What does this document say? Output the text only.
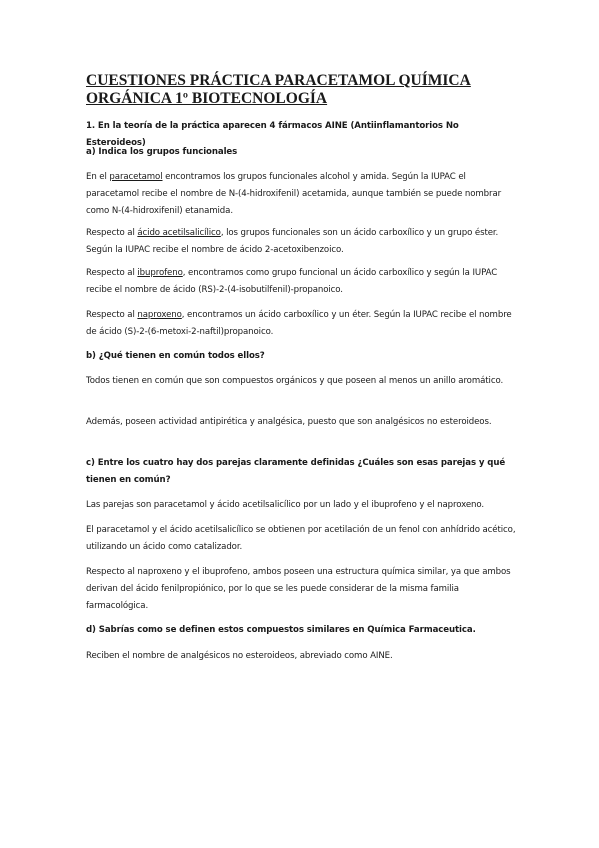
CUESTIONES PRÁCTICA PARACETAMOL QUÍMICA ORGÁNICA 1º BIOTECNOLOGÍA

1. En la teoría de la práctica aparecen 4 fármacos AINE (Antiinflamantorios No Esteroideos)

a) Indica los grupos funcionales

En el paracetamol encontramos los grupos funcionales alcohol y amida. Según la IUPAC el paracetamol recibe el nombre de N-(4-hidroxifenil) acetamida, aunque también se puede nombrar como N-(4-hidroxifenil) etanamida.

Respecto al ácido acetilsalicílico, los grupos funcionales son un ácido carboxílico y un grupo éster. Según la IUPAC recibe el nombre de ácido 2-acetoxibenzoico.

Respecto al ibuprofeno, encontramos como grupo funcional un ácido carboxílico y según la IUPAC recibe el nombre de ácido (RS)-2-(4-isobutilfenil)-propanoico.

Respecto al naproxeno, encontramos un ácido carboxílico y un éter. Según la IUPAC recibe el nombre de ácido (S)-2-(6-metoxi-2-naftil)propanoico.

b) ¿Qué tienen en común todos ellos?

Todos tienen en común que son compuestos orgánicos y que poseen al menos un anillo aromático.

Además, poseen actividad antipirética y analgésica, puesto que son analgésicos no esteroideos.

c) Entre los cuatro hay dos parejas claramente definidas ¿Cuáles son esas parejas y qué tienen en común?

Las parejas son paracetamol y ácido acetilsalicílico por un lado y el ibuprofeno y el naproxeno.

El paracetamol y el ácido acetilsalicílico se obtienen por acetilación de un fenol con anhídrido acético, utilizando un ácido como catalizador.

Respecto al naproxeno y el ibuprofeno, ambos poseen una estructura química similar, ya que ambos derivan del ácido fenilpropiónico, por lo que se les puede considerar de la misma familia farmacológica.

d) Sabrías como se definen estos compuestos similares en Química Farmaceutica.

Reciben el nombre de analgésicos no esteroideos, abreviado como AINE.
